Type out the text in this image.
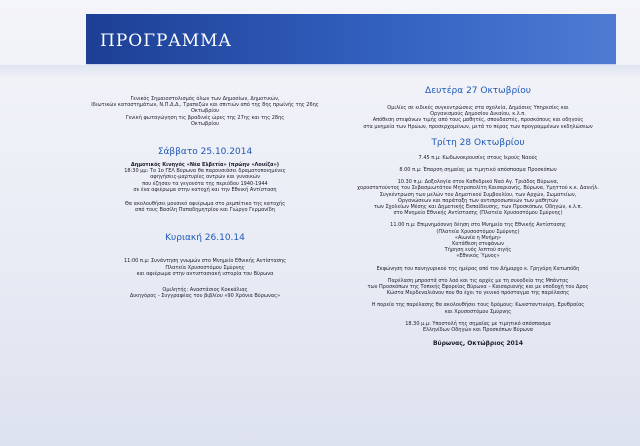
ΠΡΟΓΡΑΜΜΑ
Γενικός Σημαιοστολισμός όλων των Δημοσίων, Δημοτικών,
Ιδιωτικών καταστημάτων, Ν.Π.Δ.Δ., Τραπεζών και σπιτιών από της 8ης πρωίνής της 26ης
Οκτωβρίου
Γενική φωταγώγηση τις βραδινές ώρες της 27ης και της 28ης
Οκτωβρίου
Σάββατο 25.10.2014
Δημοτικός Κινηγός «Νέα Ελβετία» (πρώην «Λουίζα»)
18:30 μμ: Το 1ο ΓΕΛ Βύρωνα θα παρουσιάσει δραματοποιημένες
αφηγήσεις-μαρτυρίες αντρών και γυναικών
που έζησαν τα γεγονότα της περιόδου 1940-1944
σε ένα αφιέρωμα στην κατοχή και την Εθνική Αντίσταση
Θα ακολουθήσει μουσικό αφιέρωμα στο ρεμπέτικο της κατοχής
από τους Βασίλη Παπαδημητρίου και Γιώργο Γερμανίδη
Κυριακή 26.10.14
11:00 π.μ: Συνάντηση γνωμών στο Μνημείο Εθνικής Αντίστασης
Πλατεία Χρυσοστόμου Σμύρνης
και αφιέρωμα στην αντιστασιακή ιστορία του Βύρωνα
Ομιλητής: Αναστάσιος Κοκκάλιας
Δικηγόρος - Συγγραφέας του βιβλίου «90 Χρόνια Βύρωνας»
Δευτέρα 27 Οκτωβρίου
Ομιλίες σε ειδικές συγκεντρώσεις στα σχολεία, Δημόσιες Υπηρεσίες και
Οργανισμούς Δημοσίου Δικαίου, κ.λ.π.
Απόθεση στεφάνων τιμής από τους μαθητές, σπουδαστές, προσκόπους και οδηγούς
στα μνημεία των Ηρώων, προσερχομένων, μετά το πέρας των προγραμμένων εκδηλώσεων
Τρίτη 28 Οκτωβρίου
7.45 π.μ: Κωδωνοκρουσίες στους Ιερούς Ναούς
8.00 π.μ: Έπαρση σημαίας με τιμητικό απόσπασμα Προσκόπων
10.30 π.μ: Δοξολογία στον Καθεδρικό Ναό Αγ. Τριάδος Βύρωνα,
χοροστατούντος του Σεβασμιωτάτου Μητροπολίτη Καισαριανής, Βύρωνα, Υμηττού κ.κ. Δανιήλ.
Συγκέντρωση των μελών του Δημοτικού Συμβουλίου, των Αρχών, Σωματείων,
Οργανώσεων και παράταξη των αντιπροσωπειών των μαθητών
των Σχολείων Μέσης και Δημοτικής Εκπαίδευσης, των Προσκόπων, Οδηγών, κ.λ.π.
στο Μνημείο Εθνικής Αντίστασης (Πλατεία Χρυσοστόμου Σμύρνης)
11.00 π.μ: Επιμνημόσυνη δέηση στο Μνημείο της Εθνικής Αντίστασης
(Πλατεία Χρυσοστόμου Σμύρνης)
«Αιωνία η Μνήμη»
Κατάθεση στεφάνων
Τήρηση ενός λεπτού σιγής
«Εθνικός Ύμνος»
Εκφώνηση του πανηγυρικού της ημέρας από τον Δήμαρχο κ. Γρηγόρη Κατωπόδη
Παρέλαση μπροστά στο λαό και τις αρχές με τη συνοδεία της Μπάντας
των Προσκόπων της Τοπικής Εφορείας Βύρωνα – Καισαριανής και με υποδοχή του Δρος
Κώστα Μερδεναλιάνου που θα έχει το γενικό πρόσταγμα της παρέλασης
Η πορεία της παρέλασης θα ακολουθήσει τους δρόμους: Κωνσταντινέρη, Ερυθραίας
και Χρυσοστόμου Σμύρνης
18.30 μ.μ: Υποστολή της σημαίας με τιμητικό απόσπασμα
Ελληνίδων Οδηγών και Προσκόπων Βύρωνα
Βύρωνας, Οκτώβριος 2014
